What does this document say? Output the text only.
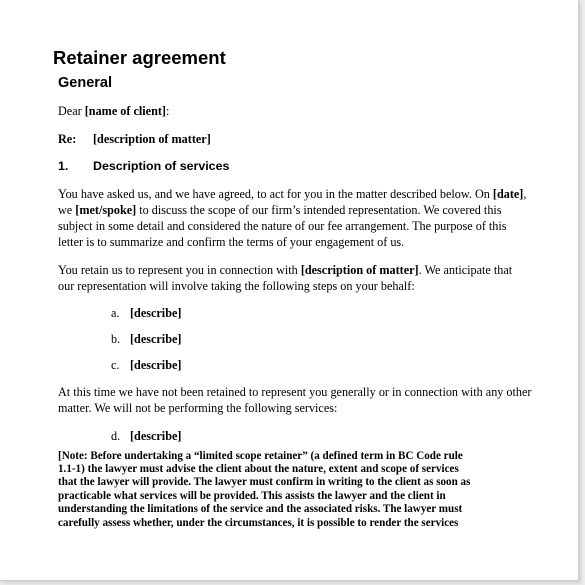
Retainer agreement
General
Dear [name of client]:
Re: [description of matter]
1. Description of services
You have asked us, and we have agreed, to act for you in the matter described below. On [date],
we [met/spoke] to discuss the scope of our firm’s intended representation. We covered this
subject in some detail and considered the nature of our fee arrangement. The purpose of this
letter is to summarize and confirm the terms of your engagement of us.
You retain us to represent you in connection with [description of matter]. We anticipate that
our representation will involve taking the following steps on your behalf:
a. [describe]
b. [describe]
c. [describe]
At this time we have not been retained to represent you generally or in connection with any other
matter. We will not be performing the following services:
d. [describe]
[Note: Before undertaking a “limited scope retainer” (a defined term in BC Code rule
1.1-1) the lawyer must advise the client about the nature, extent and scope of services
that the lawyer will provide. The lawyer must confirm in writing to the client as soon as
practicable what services will be provided. This assists the lawyer and the client in
understanding the limitations of the service and the associated risks. The lawyer must
carefully assess whether, under the circumstances, it is possible to render the services
